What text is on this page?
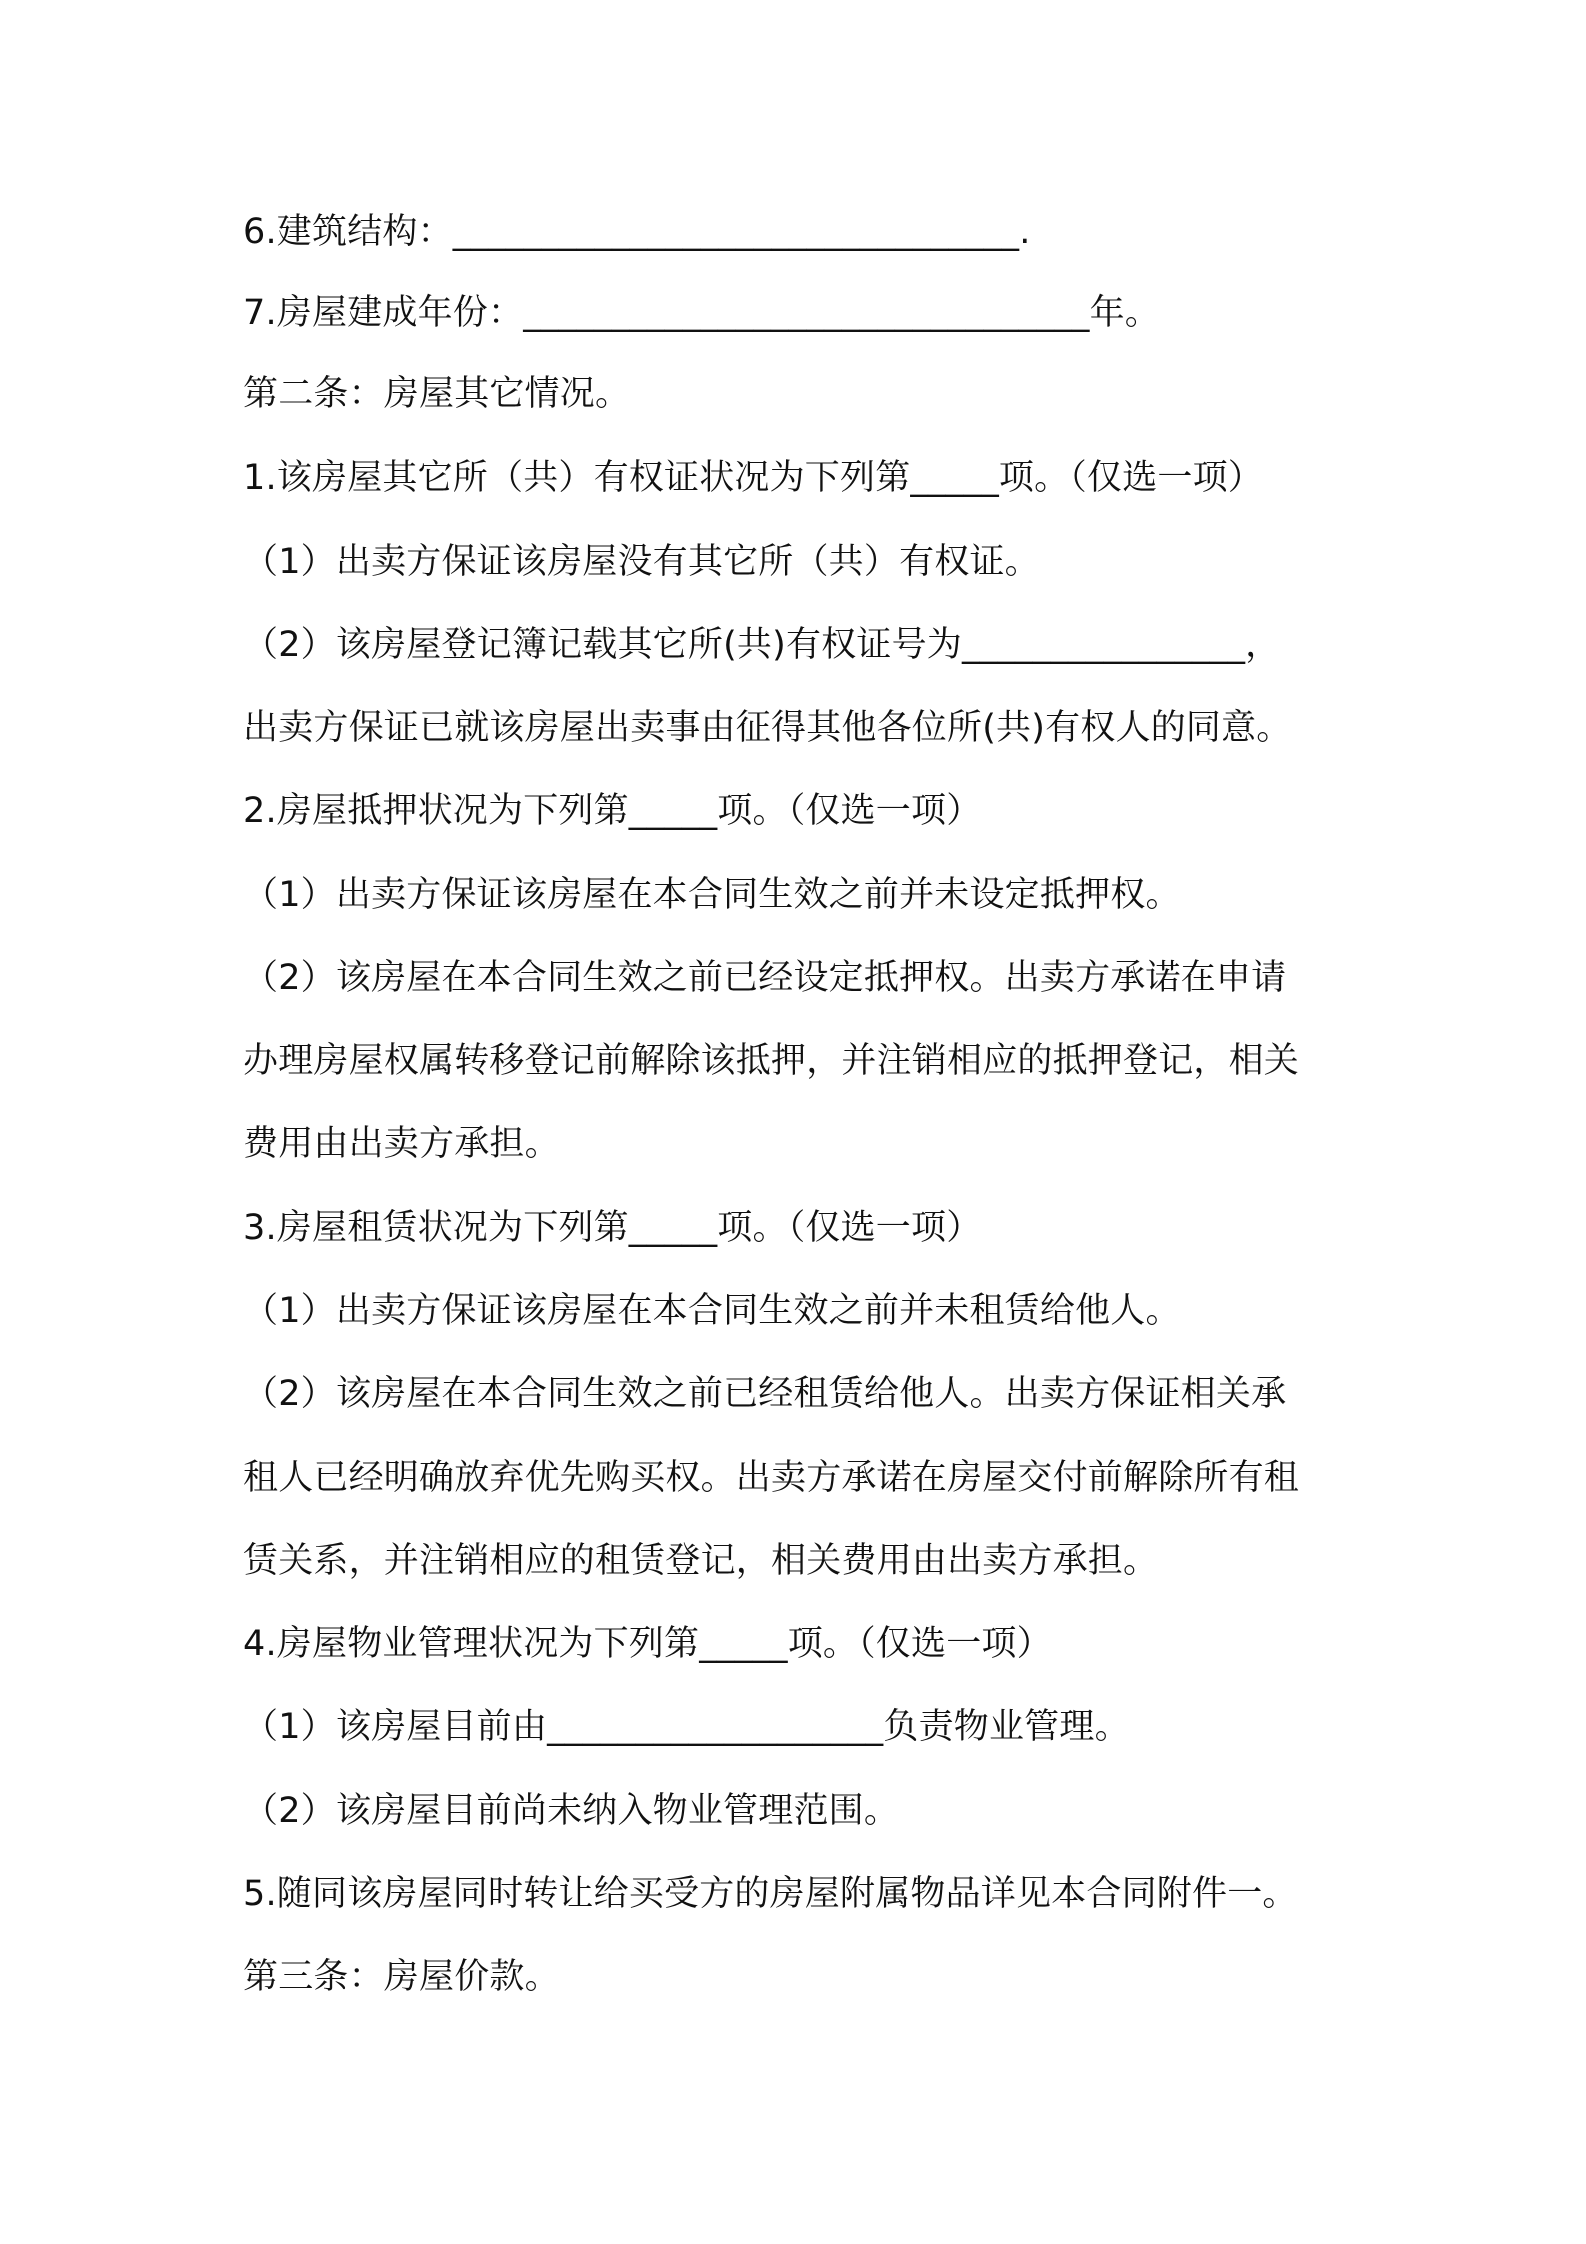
6.建筑结构：________________________________.
7.房屋建成年份：________________________________年。
第二条：房屋其它情况。
1.该房屋其它所（共）有权证状况为下列第_____项。（仅选一项）
（1）出卖方保证该房屋没有其它所（共）有权证。
（2）该房屋登记簿记载其它所(共)有权证号为________________，
出卖方保证已就该房屋出卖事由征得其他各位所(共)有权人的同意。
2.房屋抵押状况为下列第_____项。（仅选一项）
（1）出卖方保证该房屋在本合同生效之前并未设定抵押权。
（2）该房屋在本合同生效之前已经设定抵押权。出卖方承诺在申请
办理房屋权属转移登记前解除该抵押，并注销相应的抵押登记，相关
费用由出卖方承担。
3.房屋租赁状况为下列第_____项。（仅选一项）
（1）出卖方保证该房屋在本合同生效之前并未租赁给他人。
（2）该房屋在本合同生效之前已经租赁给他人。出卖方保证相关承
租人已经明确放弃优先购买权。出卖方承诺在房屋交付前解除所有租
赁关系，并注销相应的租赁登记，相关费用由出卖方承担。
4.房屋物业管理状况为下列第_____项。（仅选一项）
（1）该房屋目前由___________________负责物业管理。
（2）该房屋目前尚未纳入物业管理范围。
5.随同该房屋同时转让给买受方的房屋附属物品详见本合同附件一。
第三条：房屋价款。
